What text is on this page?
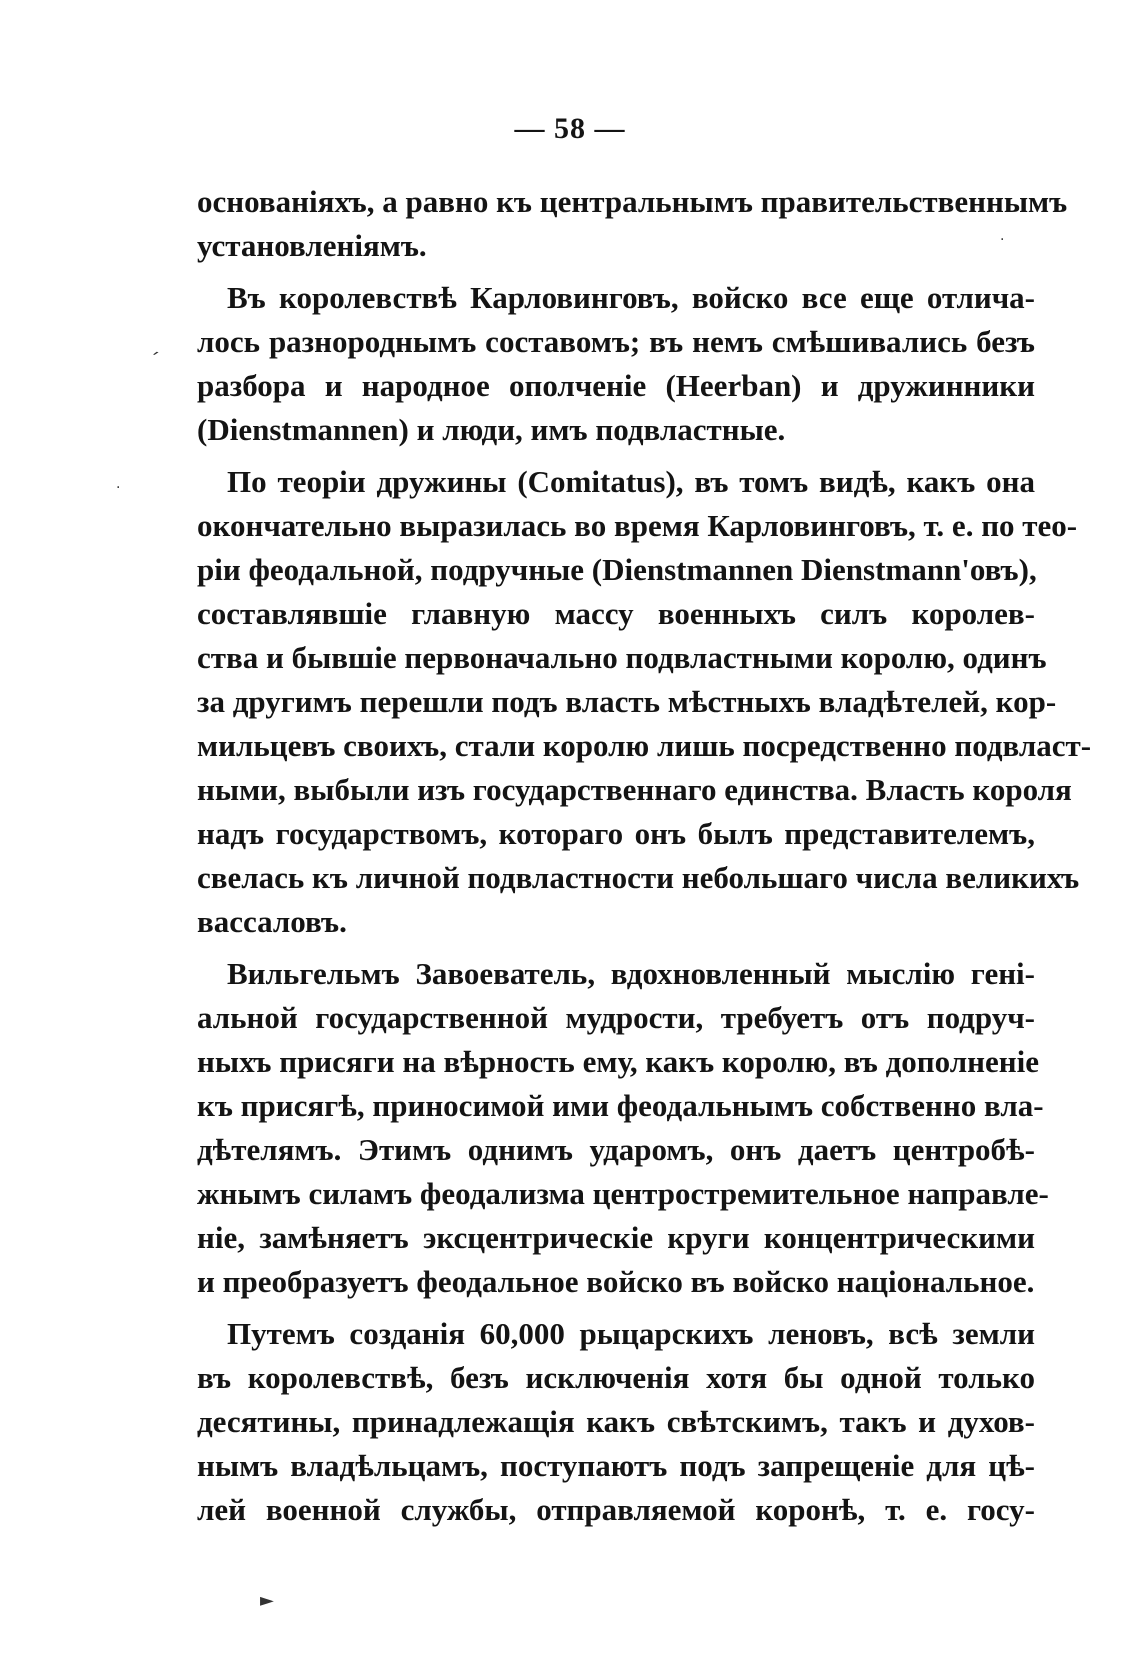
— 58 —
основаніяхъ, а равно къ центральнымъ правительственнымъ
установленіямъ.
Въ королевствѣ Карловинговъ, войско все еще отлича-
лось разнороднымъ составомъ; въ немъ смѣшивались безъ
разбора и народное ополченіе (Heerban) и дружинники
(Dienstmannen) и люди, имъ подвластные.
По теоріи дружины (Comitatus), въ томъ видѣ, какъ она
окончательно выразилась во время Карловинговъ, т. е. по тео-
ріи феодальной, подручные (Dienstmannen Dienstmann'овъ),
составлявшіе главную массу военныхъ силъ королев-
ства и бывшіе первоначально подвластными королю, одинъ
за другимъ перешли подъ власть мѣстныхъ владѣтелей, кор-
мильцевъ своихъ, стали королю лишь посредственно подвласт-
ными, выбыли изъ государственнаго единства. Власть короля
надъ государствомъ, котораго онъ былъ представителемъ,
свелась къ личной подвластности небольшаго числа великихъ
вассаловъ.
Вильгельмъ Завоеватель, вдохновленный мыслію гені-
альной государственной мудрости, требуетъ отъ подруч-
ныхъ присяги на вѣрность ему, какъ королю, въ дополненіе
къ присягѣ, приносимой ими феодальнымъ собственно вла-
дѣтелямъ. Этимъ однимъ ударомъ, онъ даетъ центробѣ-
жнымъ силамъ феодализма центростремительное направле-
ніе, замѣняетъ эксцентрическіе круги концентрическими
и преобразуетъ феодальное войско въ войско національное.
Путемъ созданія 60,000 рыцарскихъ леновъ, всѣ земли
въ королевствѣ, безъ исключенія хотя бы одной только
десятины, принадлежащія какъ свѣтскимъ, такъ и духов-
нымъ владѣльцамъ, поступаютъ подъ запрещеніе для цѣ-
лей военной службы, отправляемой коронѣ, т. е. госу-
·
ˊ
·
►
